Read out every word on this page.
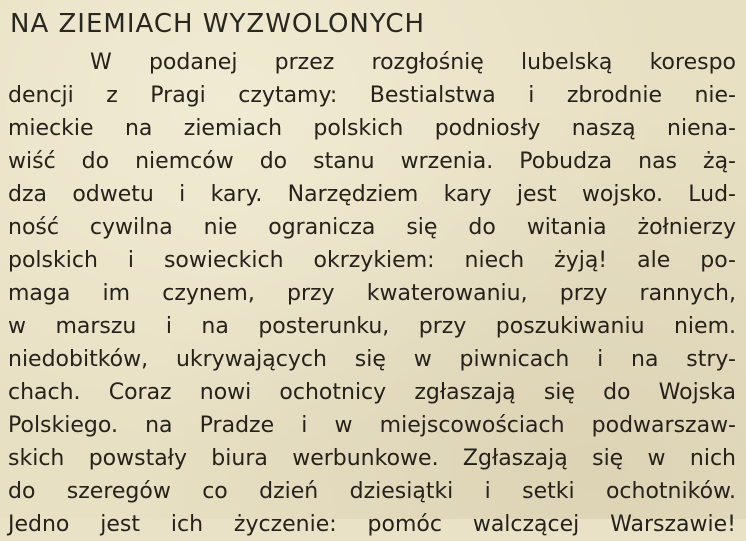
NA ZIEMIACH WYZWOLONYCH
W podanej przez rozgłośnię lubelską korespo
dencji z Pragi czytamy: Bestialstwa i zbrodnie nie-
mieckie na ziemiach polskich podniosły naszą nienа-
wiść do niemców do stanu wrzenia. Pobudza nas żą-
dza odwetu i kary. Narzędziem kary jest wojsko. Lud-
ność cywilna nie ogranicza się do witania żołnierzy
polskich i sowieckich okrzykiem: niech żyją! ale po-
maga im czynem, przy kwaterowaniu, przy rannych,
w marszu i na posterunku, przy poszukiwaniu niem.
niedobitków, ukrywających się w piwnicach i na stry-
chach. Coraz nowi ochotnicy zgłaszają się do Wojska
Polskiego. na Pradze i w miejscowościach podwarszaw-
skich powstały biura werbunkowe. Zgłaszają się w nich
do szeregów co dzień dziesiątki i setki ochotników.
Jedno jest ich życzenie: pomóc walczącej Warszawie!
